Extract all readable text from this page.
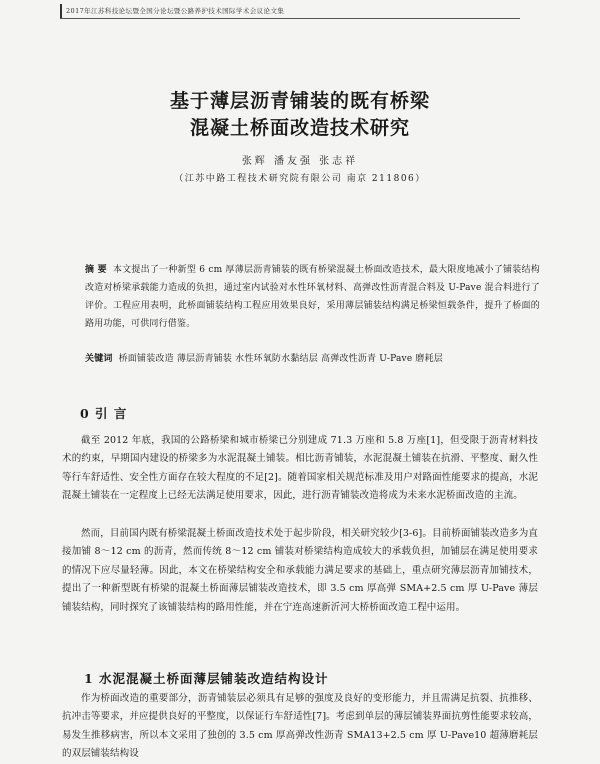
2017年江苏科技论坛暨全国分论坛暨公路养护技术国际学术会议论文集
基于薄层沥青铺装的既有桥梁
混凝土桥面改造技术研究
张辉 潘友强 张志祥
（江苏中路工程技术研究院有限公司 南京 211806）
摘 要 本文提出了一种新型 6 cm 厚薄层沥青铺装的既有桥梁混凝土桥面改造技术，最大限度地减小了铺装结构改造对桥梁承载能力造成的负担，通过室内试验对水性环氧材料、高弹改性沥青混合料及 U-Pave 混合料进行了评价。工程应用表明，此桥面铺装结构工程应用效果良好，采用薄层铺装结构满足桥梁恒载条件，提升了桥面的路用功能，可供同行借鉴。
关键词 桥面铺装改造 薄层沥青铺装 水性环氧防水黏结层 高弹改性沥青 U-Pave 磨耗层
0 引 言
截至 2012 年底，我国的公路桥梁和城市桥梁已分别建成 71.3 万座和 5.8 万座[1]，但受限于沥青材料技术的约束，早期国内建设的桥梁多为水泥混凝土铺装。相比沥青铺装，水泥混凝土铺装在抗滑、平整度、耐久性等行车舒适性、安全性方面存在较大程度的不足[2]。随着国家相关规范标准及用户对路面性能要求的提高，水泥混凝土铺装在一定程度上已经无法满足使用要求，因此，进行沥青铺装改造将成为未来水泥桥面改造的主流。
然而，目前国内既有桥梁混凝土桥面改造技术处于起步阶段，相关研究较少[3-6]。目前桥面铺装改造多为直接加铺 8～12 cm 的沥青，然而传统 8～12 cm 铺装对桥梁结构造成较大的承载负担，加铺层在满足使用要求的情况下应尽量轻薄。因此，本文在桥梁结构安全和承载能力满足要求的基础上，重点研究薄层沥青加铺技术，提出了一种新型既有桥梁的混凝土桥面薄层铺装改造技术，即 3.5 cm 厚高弹 SMA+2.5 cm 厚 U-Pave 薄层铺装结构，同时探究了该铺装结构的路用性能，并在宁连高速新沂河大桥桥面改造工程中运用。
1 水泥混凝土桥面薄层铺装改造结构设计
作为桥面改造的重要部分，沥青铺装层必须具有足够的强度及良好的变形能力，并且需满足抗裂、抗推移、抗冲击等要求，并应提供良好的平整度，以保证行车舒适性[7]。考虑到单层的薄层铺装界面抗剪性能要求较高，易发生推移病害，所以本文采用了独创的 3.5 cm 厚高弹改性沥青 SMA13+2.5 cm 厚 U-Pave10 超薄磨耗层的双层铺装结构设
